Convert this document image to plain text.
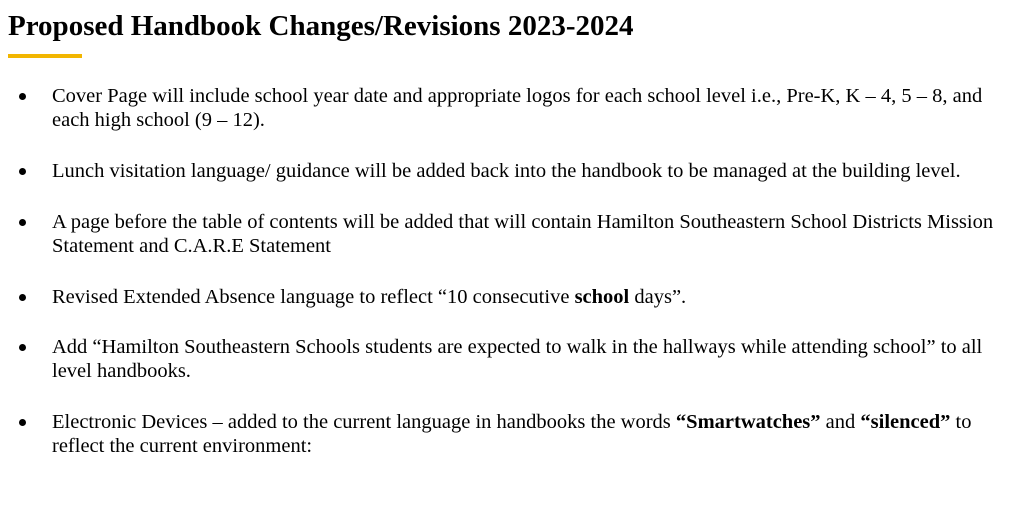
Proposed Handbook Changes/Revisions 2023-2024
Cover Page will include school year date and appropriate logos for each school level i.e., Pre-K, K – 4, 5 – 8, and each high school (9 – 12).
Lunch visitation language/ guidance will be added back into the handbook to be managed at the building level.
A page before the table of contents will be added that will contain Hamilton Southeastern School Districts Mission Statement and C.A.R.E Statement
Revised Extended Absence language to reflect “10 consecutive school days”.
Add “Hamilton Southeastern Schools students are expected to walk in the hallways while attending school” to all level handbooks.
Electronic Devices – added to the current language in handbooks the words “Smartwatches” and “silenced” to reflect the current environment:
